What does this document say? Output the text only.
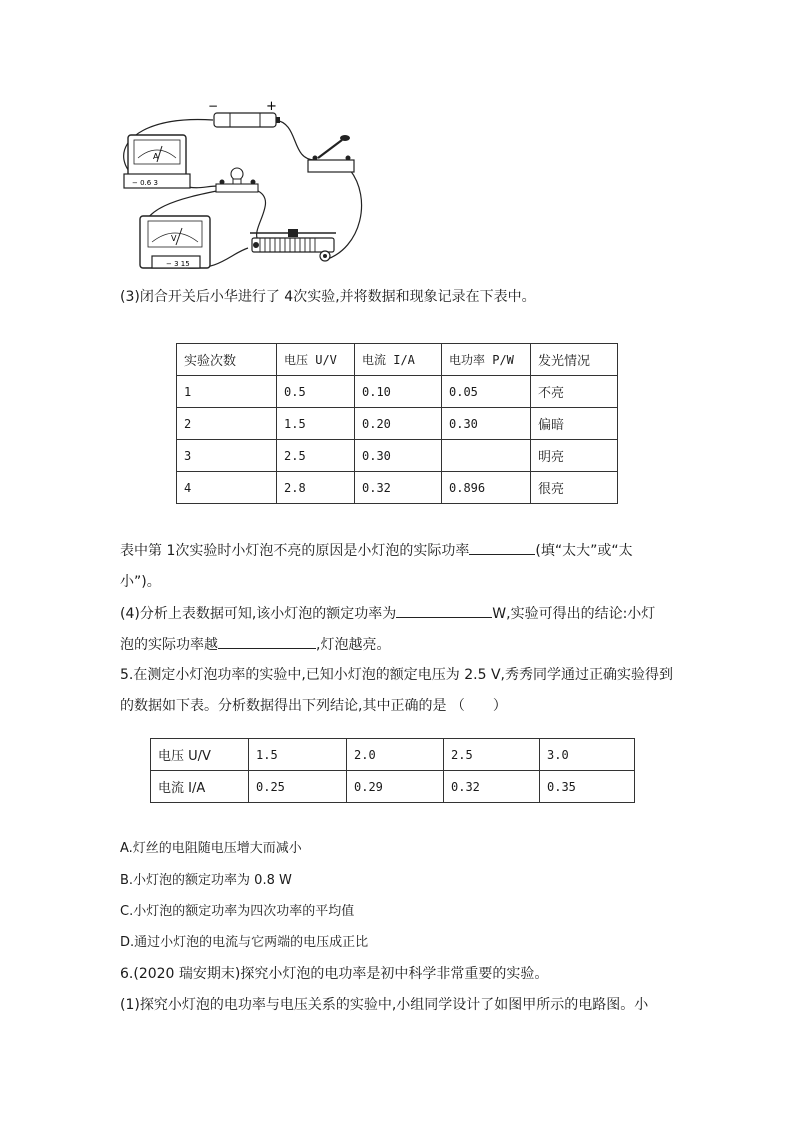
−	+
A
− 0.6 3
V
− 3 15
(3)闭合开关后小华进行了 4次实验,并将数据和现象记录在下表中。
实验次数	电压 U/V	电流 I/A	电功率 P/W	发光情况
1	0.5	0.10	0.05	不亮
2	1.5	0.20	0.30	偏暗
3	2.5	0.30		明亮
4	2.8	0.32	0.896	很亮
表中第 1次实验时小灯泡不亮的原因是小灯泡的实际功率	(填“太大”或“太
小”)。
(4)分析上表数据可知,该小灯泡的额定功率为	W,实验可得出的结论:小灯
泡的实际功率越	,灯泡越亮。
5.在测定小灯泡功率的实验中,已知小灯泡的额定电压为 2.5 V,秀秀同学通过正确实验得到
的数据如下表。分析数据得出下列结论,其中正确的是 （　　）
电压 U/V	1.5	2.0	2.5	3.0
电流 I/A	0.25	0.29	0.32	0.35
A.灯丝的电阻随电压增大而减小
B.小灯泡的额定功率为 0.8 W
C.小灯泡的额定功率为四次功率的平均值
D.通过小灯泡的电流与它两端的电压成正比
6.(2020 瑞安期末)探究小灯泡的电功率是初中科学非常重要的实验。
(1)探究小灯泡的电功率与电压关系的实验中,小组同学设计了如图甲所示的电路图。小
